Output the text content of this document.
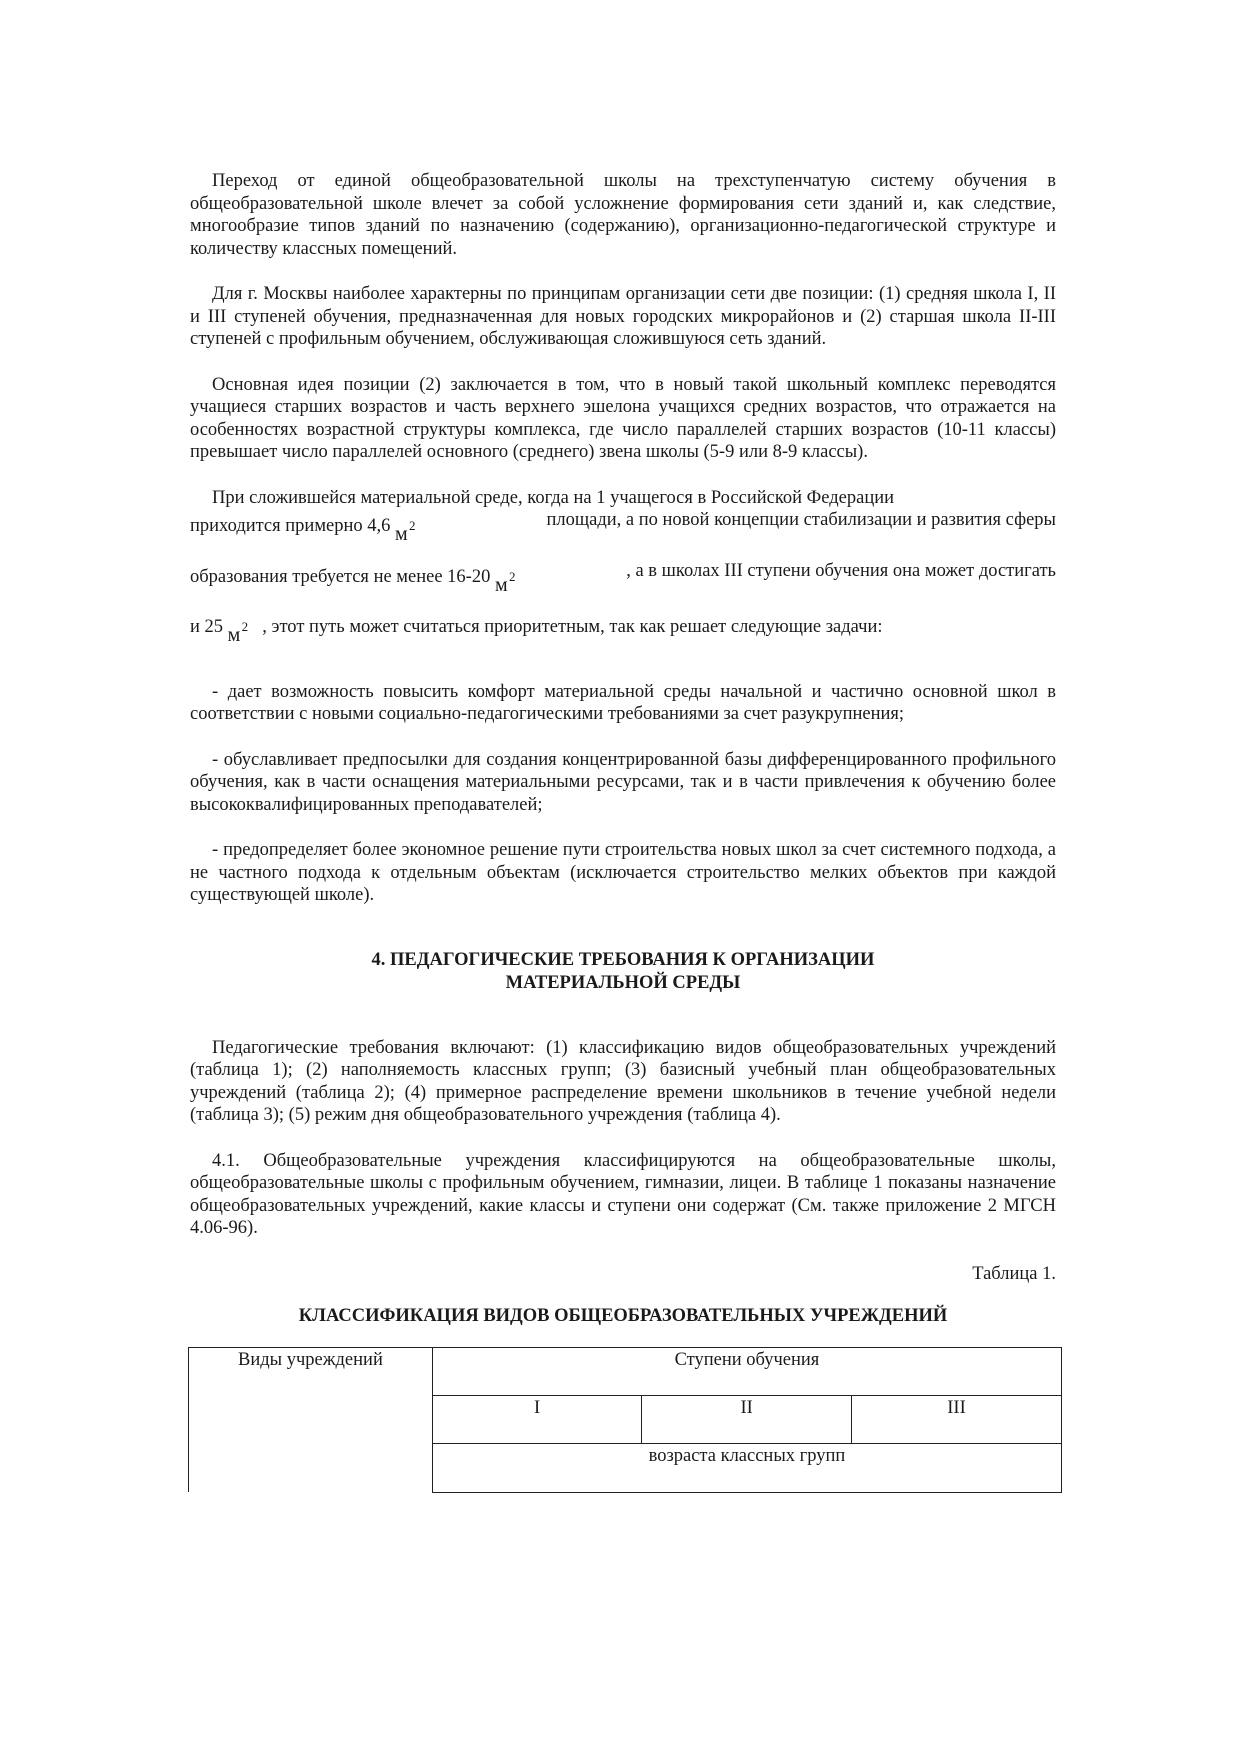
Переход от единой общеобразовательной школы на трехступенчатую систему обучения в общеобразовательной школе влечет за собой усложнение формирования сети зданий и, как следствие, многообразие типов зданий по назначению (содержанию), организационно-педагогической структуре и количеству классных помещений.

Для г. Москвы наиболее характерны по принципам организации сети две позиции: (1) средняя школа I, II и III ступеней обучения, предназначенная для новых городских микрорайонов и (2) старшая школа II-III ступеней с профильным обучением, обслуживающая сложившуюся сеть зданий.

Основная идея позиции (2) заключается в том, что в новый такой школьный комплекс переводятся учащиеся старших возрастов и часть верхнего эшелона учащихся средних возрастов, что отражается на особенностях возрастной структуры комплекса, где число параллелей старших возрастов (10-11 классы) превышает число параллелей основного (среднего) звена школы (5-9 или 8-9 классы).

При сложившейся материальной среде, когда на 1 учащегося в Российской Федерации

приходится примерно 4,6 м 2	площади, а по новой концепции стабилизации и развития сферы

образования требуется не менее 16-20 м 2	, а в школах III ступени обучения она может достигать

и 25 м 2 , этот путь может считаться приоритетным, так как решает следующие задачи:

- дает возможность повысить комфорт материальной среды начальной и частично основной школ в соответствии с новыми социально-педагогическими требованиями за счет разукрупнения;

- обуславливает предпосылки для создания концентрированной базы дифференцированного профильного обучения, как в части оснащения материальными ресурсами, так и в части привлечения к обучению более высококвалифицированных преподавателей;

- предопределяет более экономное решение пути строительства новых школ за счет системного подхода, а не частного подхода к отдельным объектам (исключается строительство мелких объектов при каждой существующей школе).

4. ПЕДАГОГИЧЕСКИЕ ТРЕБОВАНИЯ К ОРГАНИЗАЦИИ

МАТЕРИАЛЬНОЙ СРЕДЫ

Педагогические требования включают: (1) классификацию видов общеобразовательных учреждений (таблица 1); (2) наполняемость классных групп; (3) базисный учебный план общеобразовательных учреждений (таблица 2); (4) примерное распределение времени школьников в течение учебной недели (таблица 3); (5) режим дня общеобразовательного учреждения (таблица 4).

4.1. Общеобразовательные учреждения классифицируются на общеобразовательные школы, общеобразовательные школы с профильным обучением, гимназии, лицеи. В таблице 1 показаны назначение общеобразовательных учреждений, какие классы и ступени они содержат (См. также приложение 2 МГСН 4.06-96).

Таблица 1.

КЛАССИФИКАЦИЯ ВИДОВ ОБЩЕОБРАЗОВАТЕЛЬНЫХ УЧРЕЖДЕНИЙ

Виды учреждений	Ступени обучения		
	I	II	III
	возраста классных групп		
